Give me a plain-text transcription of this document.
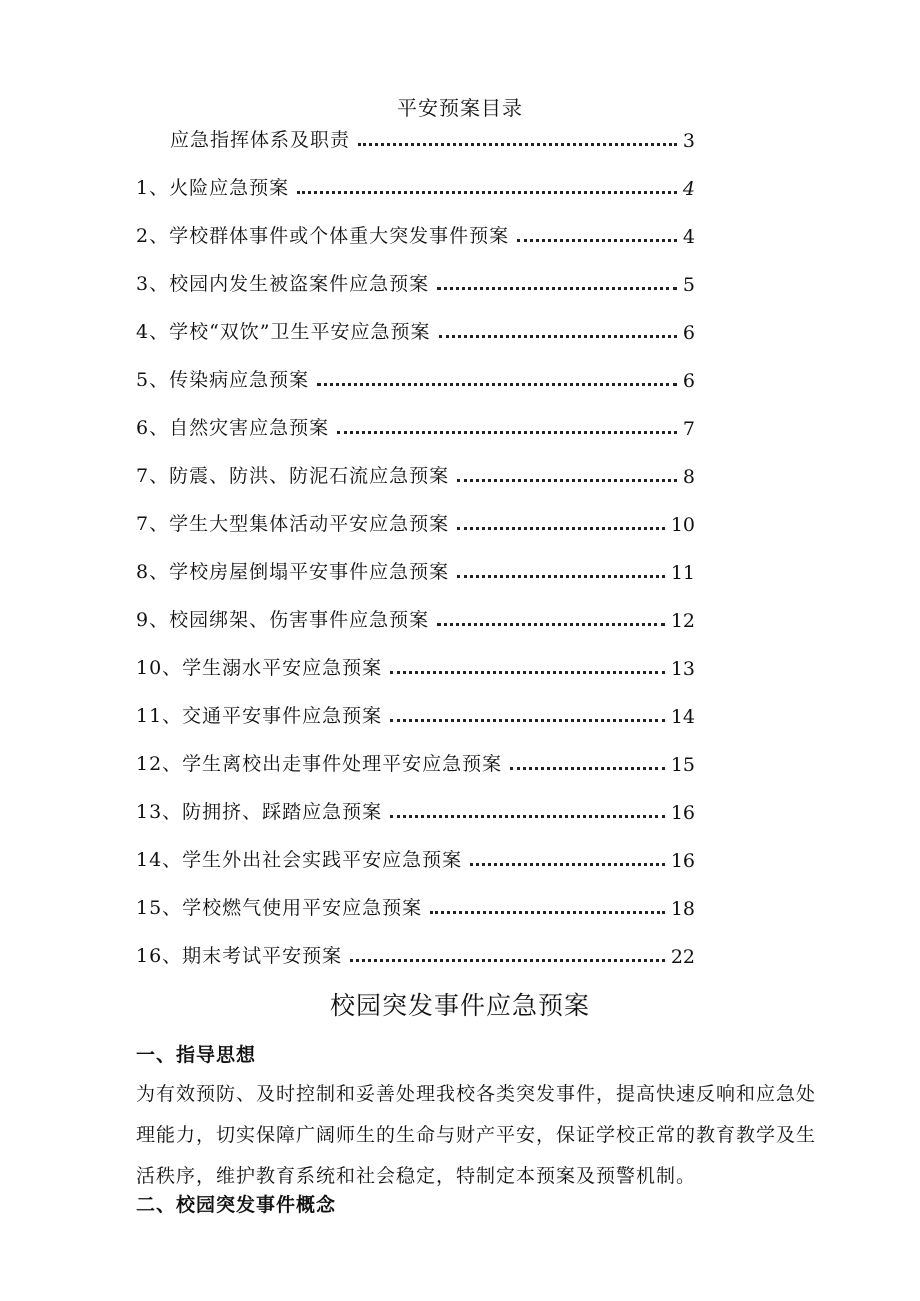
平安预案目录
应急指挥体系及职责	3
1、火险应急预案	4
2、学校群体事件或个体重大突发事件预案	4
3、校园内发生被盗案件应急预案	5
4、学校“双饮”卫生平安应急预案	6
5、传染病应急预案	6
6、自然灾害应急预案	7
7、防震、防洪、防泥石流应急预案	8
7、学生大型集体活动平安应急预案	10
8、学校房屋倒塌平安事件应急预案	11
9、校园绑架、伤害事件应急预案	12
10、学生溺水平安应急预案	13
11、交通平安事件应急预案	14
12、学生离校出走事件处理平安应急预案	15
13、防拥挤、踩踏应急预案	16
14、学生外出社会实践平安应急预案	16
15、学校燃气使用平安应急预案	18
16、期末考试平安预案	22
校园突发事件应急预案
一、指导思想
为有效预防、及时控制和妥善处理我校各类突发事件，提高快速反响和应急处理能力，切实保障广阔师生的生命与财产平安，保证学校正常的教育教学及生活秩序，维护教育系统和社会稳定，特制定本预案及预警机制。
二、校园突发事件概念
